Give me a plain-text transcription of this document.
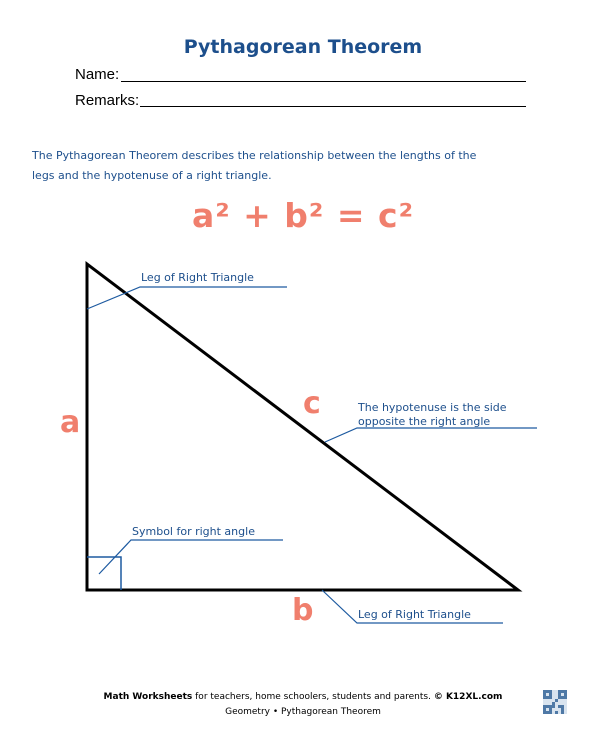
Pythagorean Theorem
Name:
Remarks:
The Pythagorean Theorem describes the relationship between the lengths of the
legs and the hypotenuse of a right triangle.
a² + b² = c²
a
b
c
Leg of Right Triangle
The hypotenuse is the side
opposite the right angle
Symbol for right angle
Leg of Right Triangle
Math Worksheets for teachers, home schoolers, students and parents. © K12XL.com
Geometry • Pythagorean Theorem
